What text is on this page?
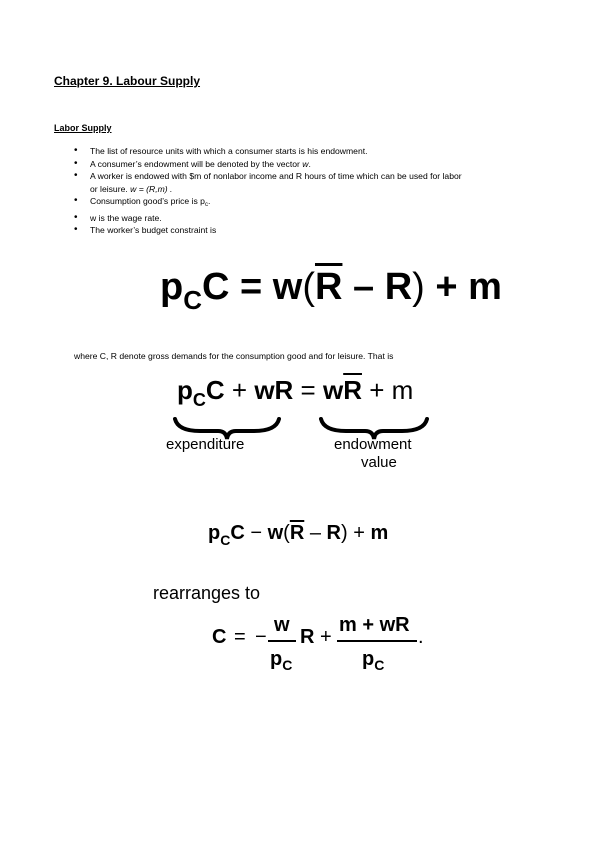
Chapter 9. Labour Supply
Labor Supply
• The list of resource units with which a consumer starts is his endowment.
• A consumer’s endowment will be denoted by the vector w.
• A worker is endowed with $m of nonlabor income and R hours of time which can be used for labor
or leisure. w = (R,m) .
• Consumption good’s price is $p_c$.
• w is the wage rate.
• The worker’s budget constraint is
$p_CC = w(\overline{R} - R) + m$
where C, R denote gross demands for the consumption good and for leisure. That is
$p_CC$ + wR = $w\overline{R} + m$
expenditure	endowment
value
$p_CC - w(\overline{R} - R) + m$
rearranges to
C = −
w
$p_C$
R +
m + wR
$p_C$
.
